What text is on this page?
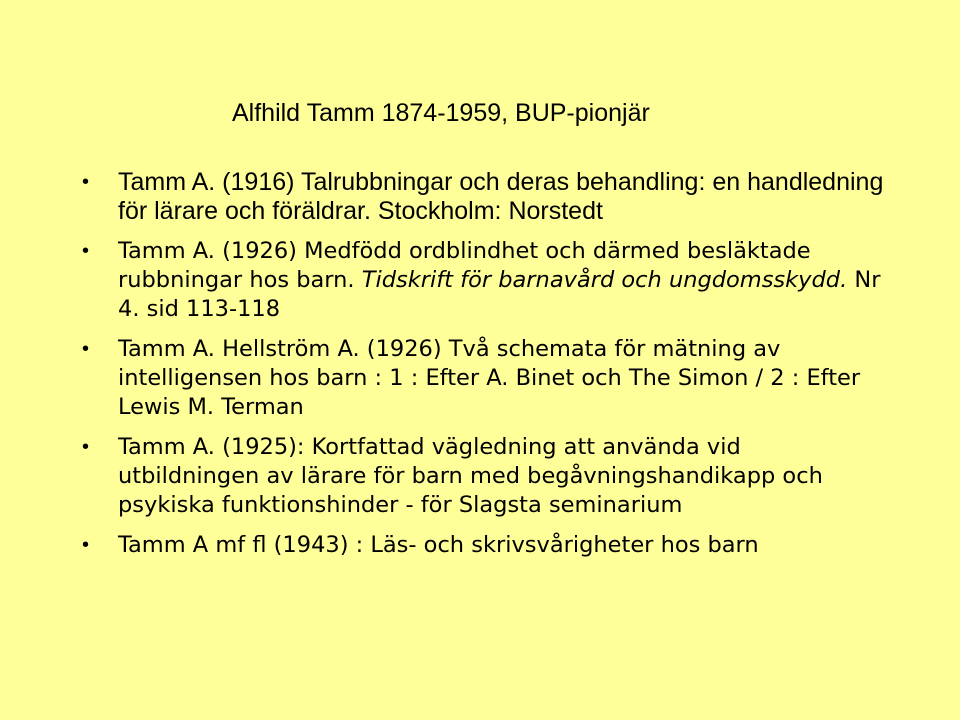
Alfhild Tamm 1874-1959, BUP-pionjär
• Tamm A. (1916) Talrubbningar och deras behandling: en handledning för lärare och föräldrar. Stockholm: Norstedt
• Tamm A. (1926) Medfödd ordblindhet och därmed besläktade rubbningar hos barn. Tidskrift för barnavård och ungdomsskydd. Nr 4. sid 113-118
• Tamm A. Hellström A. (1926) Två schemata för mätning av intelligensen hos barn : 1 : Efter A. Binet och The Simon / 2 : Efter Lewis M. Terman
• Tamm A. (1925): Kortfattad vägledning att använda vid utbildningen av lärare för barn med begåvningshandikapp och psykiska funktionshinder - för Slagsta seminarium
• Tamm A mf fl (1943) : Läs- och skrivsvårigheter hos barn
